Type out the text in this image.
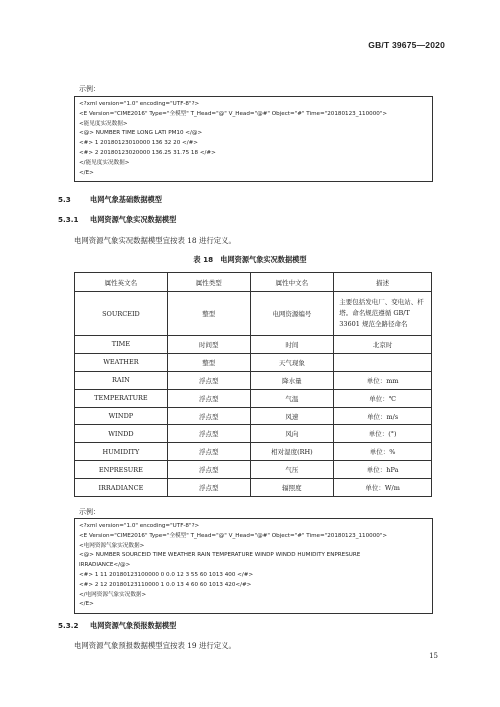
GB/T 39675—2020
示例：
<?xml version="1.0" encoding="UTF-8"?>
<E Version="CIME2016" Type="全模型" T_Head="@" V_Head="@#" Object="#" Time="20180123_110000">
<能见度实况数据>
<@> NUMBER TIME LONG LATI PM10 </@>
<#> 1 20180123010000 136 32 20 </#>
<#> 2 20180123020000 136.25 31.75 18 </#>
</能见度实况数据>
</E>
5.3	电网气象基础数据模型
5.3.1 电网资源气象实况数据模型
电网资源气象实况数据模型宜按表 18 进行定义。
表 18　电网资源气象实况数据模型
属性英文名	属性类型	属性中文名	描述
SOURCEID	整型	电网资源编号	主要包括发电厂、变电站、杆塔。命名规范遵循 GB/T 33601 规范全路径命名
TIME	时间型	时间	北京时
WEATHER	整型	天气现象	
RAIN	浮点型	降水量	单位：mm
TEMPERATURE	浮点型	气温	单位：℃
WINDP	浮点型	风速	单位：m/s
WINDD	浮点型	风向	单位：(°)
HUMIDITY	浮点型	相对湿度(RH)	单位：%
ENPRESURE	浮点型	气压	单位：hPa
IRRADIANCE	浮点型	辐照度	单位：W/m
示例：
<?xml version="1.0" encoding="UTF-8"?>
<E Version="CIME2016" Type="全模型" T_Head="@" V_Head="@#" Object="#" Time="20180123_110000">
<电网资源气象实况数据>
<@> NUMBER SOURCEID TIME WEATHER RAIN TEMPERATURE WINDP WINDD HUMIDITY ENPRESURE
IRRADIANCE</@>
<#> 1 11 20180123100000 0 0.0 12 3 55 60 1013 400 </#>
<#> 2 12 20180123110000 1 0.0 13 4 60 60 1013 420</#>
</电网资源气象实况数据>
</E>
5.3.2 电网资源气象预报数据模型
电网资源气象预报数据模型宜按表 19 进行定义。
15
